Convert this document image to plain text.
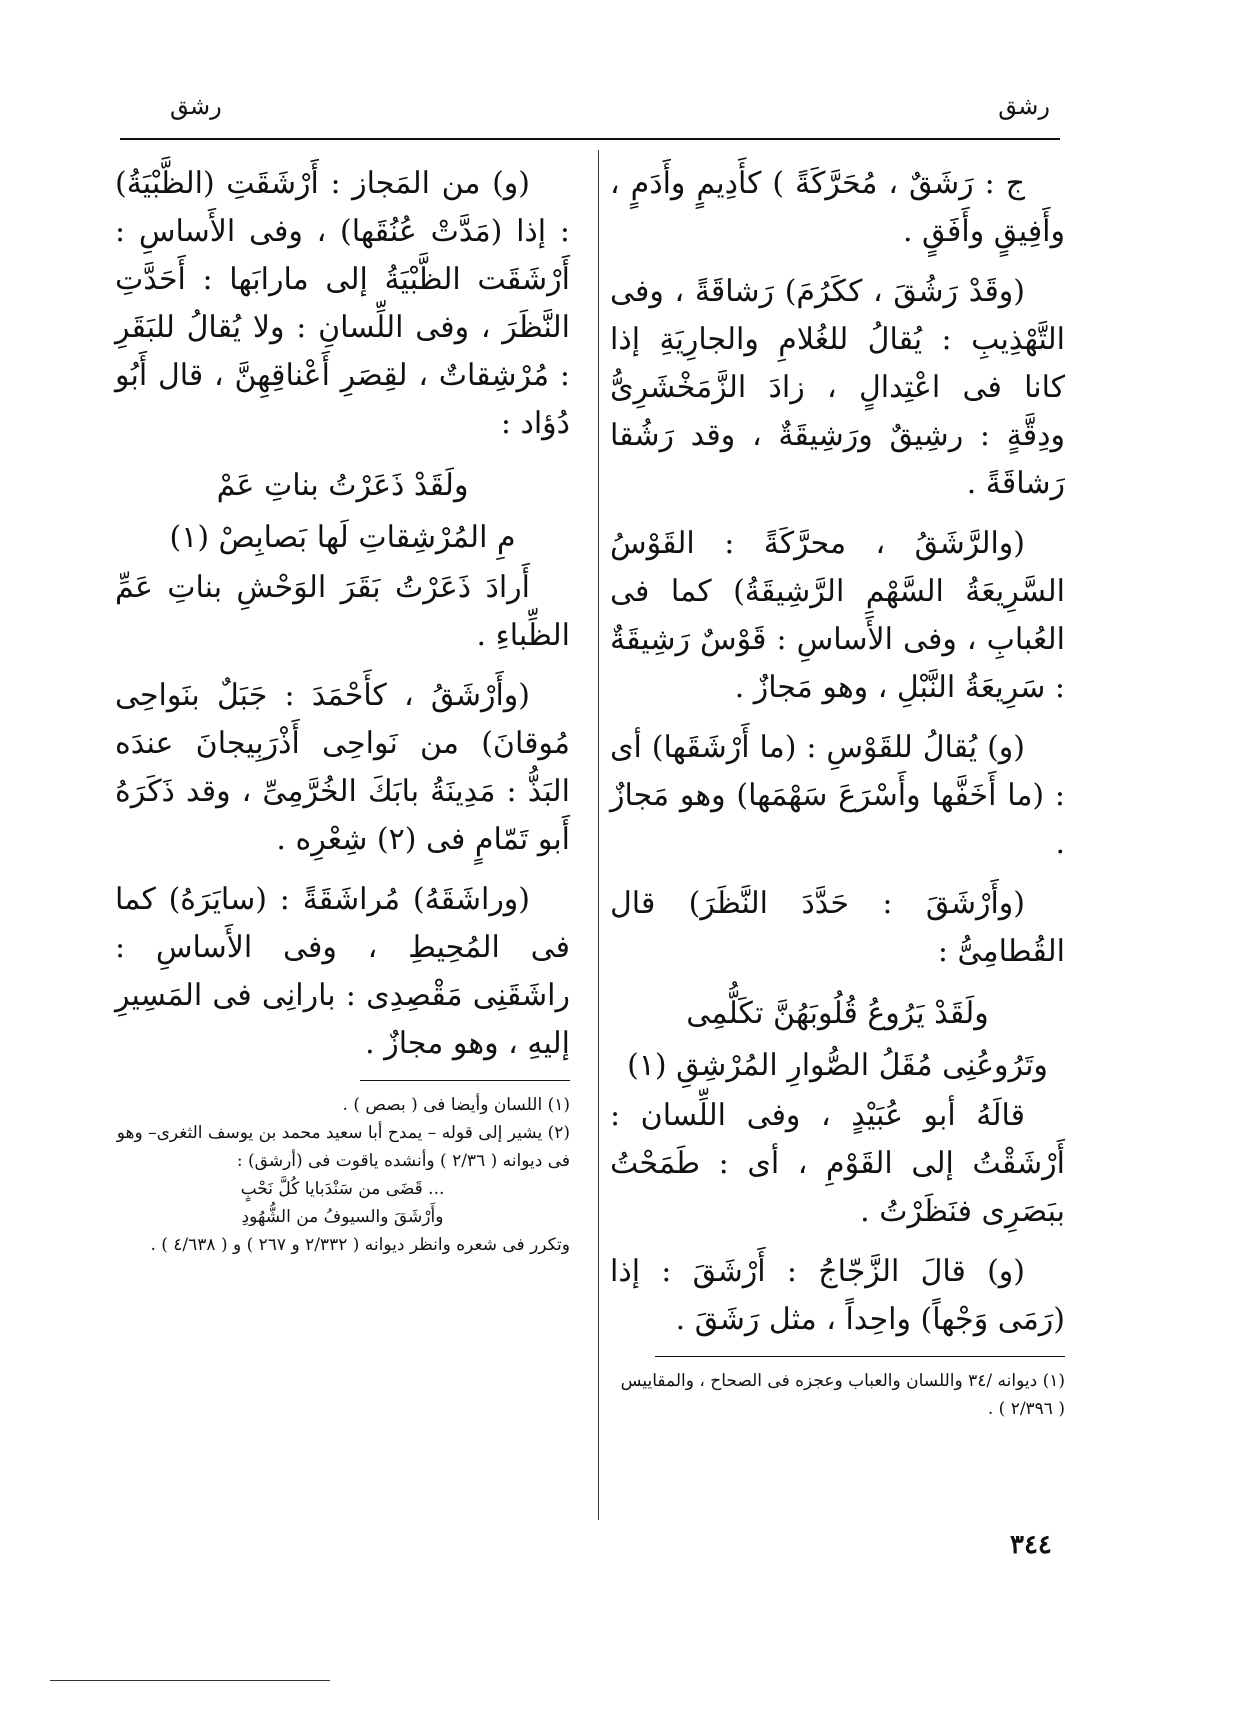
رشق
رشق

ج : رَشَقٌ ، مُحَرَّكَةً ) كأَدِيمٍ وأَدَمٍ ، وأَفِيقٍ وأَفَقٍ .

(وقَدْ رَشُقَ ، ككَرُمَ) رَشاقَةً ، وفى التَّهْذِيبِ : يُقالُ للغُلامِ والجارِيَةِ إذا كانا فى اعْتِدالٍ ، زادَ الزَّمَخْشَرِىُّ ودِقَّةٍ : رشِيقٌ ورَشِيقَةٌ ، وقد رَشُقا رَشاقَةً .

(والرَّشَقُ ، محرَّكَةً : القَوْسُ السَّرِيعَةُ السَّهْمِ الرَّشِيقَةُ) كما فى العُبابِ ، وفى الأَساسِ : قَوْسٌ رَشِيقَةٌ : سَرِيعَةُ النَّبْلِ ، وهو مَجازٌ .

(و) يُقالُ للقَوْسِ : (ما أَرْشَقَها) أى : (ما أَخَفَّها وأَسْرَعَ سَهْمَها) وهو مَجازٌ .

(وأَرْشَقَ : حَدَّدَ النَّظَرَ) قال القُطامِىُّ :

ولَقَدْ يَرُوعُ قُلُوبَهُنَّ تكَلُّمِى

وتَرُوعُنِى مُقَلُ الصُّوارِ المُرْشِقِ (١)

قالَهُ أبو عُبَيْدٍ ، وفى اللِّسان : أَرْشَقْتُ إلى القَوْمِ ، أى : طَمَحْتُ ببَصَرِى فنَظَرْتُ .

(و) قالَ الزَّجّاجُ : أَرْشَقَ : إذا (رَمَى وَجْهاً) واحِداً ، مثل رَشَقَ .

(١) ديوانه /٣٤ واللسان والعباب وعجزه فى الصحاح ، والمقاييس ( ٢/٣٩٦ ) .

(و) من المَجاز : أَرْشَقَتِ (الظَّبْيَةُ) : إذا (مَدَّتْ عُنُقَها) ، وفى الأَساسِ : أَرْشَقَت الظَّبْيَةُ إلى مارابَها : أَحَدَّتِ النَّظَرَ ، وفى اللِّسانِ : ولا يُقالُ للبَقَرِ : مُرْشِقاتٌ ، لقِصَرِ أَعْناقِهِنَّ ، قال أَبُو دُؤاد :

ولَقَدْ ذَعَرْتُ بناتِ عَمْ

مِ المُرْشِقاتِ لَها بَصابِصْ (١)

أَرادَ ذَعَرْتُ بَقَرَ الوَحْشِ بناتِ عَمِّ الظِّباءِ .

(وأَرْشَقُ ، كأَحْمَدَ : جَبَلٌ بنَواحِى مُوقانَ) من نَواحِى أَذْرَبِيجانَ عندَه البَذُّ : مَدِينَةُ بابَكَ الخُرَّمِىِّ ، وقد ذَكَرَهُ أَبو تَمّامٍ فى (٢) شِعْرِه .

(وراشَقَهُ) مُراشَقَةً : (سايَرَهُ) كما فى المُحِيطِ ، وفى الأَساسِ : راشَقَنِى مَقْصِدِى : بارانِى فى المَسِيرِ إليهِ ، وهو مجازٌ .

(١) اللسان وأيضا فى ( بصص ) .

(٢) يشير إلى قوله – يمدح أبا سعيد محمد بن يوسف الثغرى– وهو فى ديوانه ( ٢/٣٦ ) وأنشده ياقوت فى (أرشق) :

... قَضَى من سَنْدَبايا كُلَّ نَحْبٍ

وأَرْشَقَ والسيوفُ من الشُّهُودِ

وتكرر فى شعره وانظر ديوانه ( ٢/٣٣٢ و ٢٦٧ ) و ( ٤/٦٣٨ ) .

٣٤٤
